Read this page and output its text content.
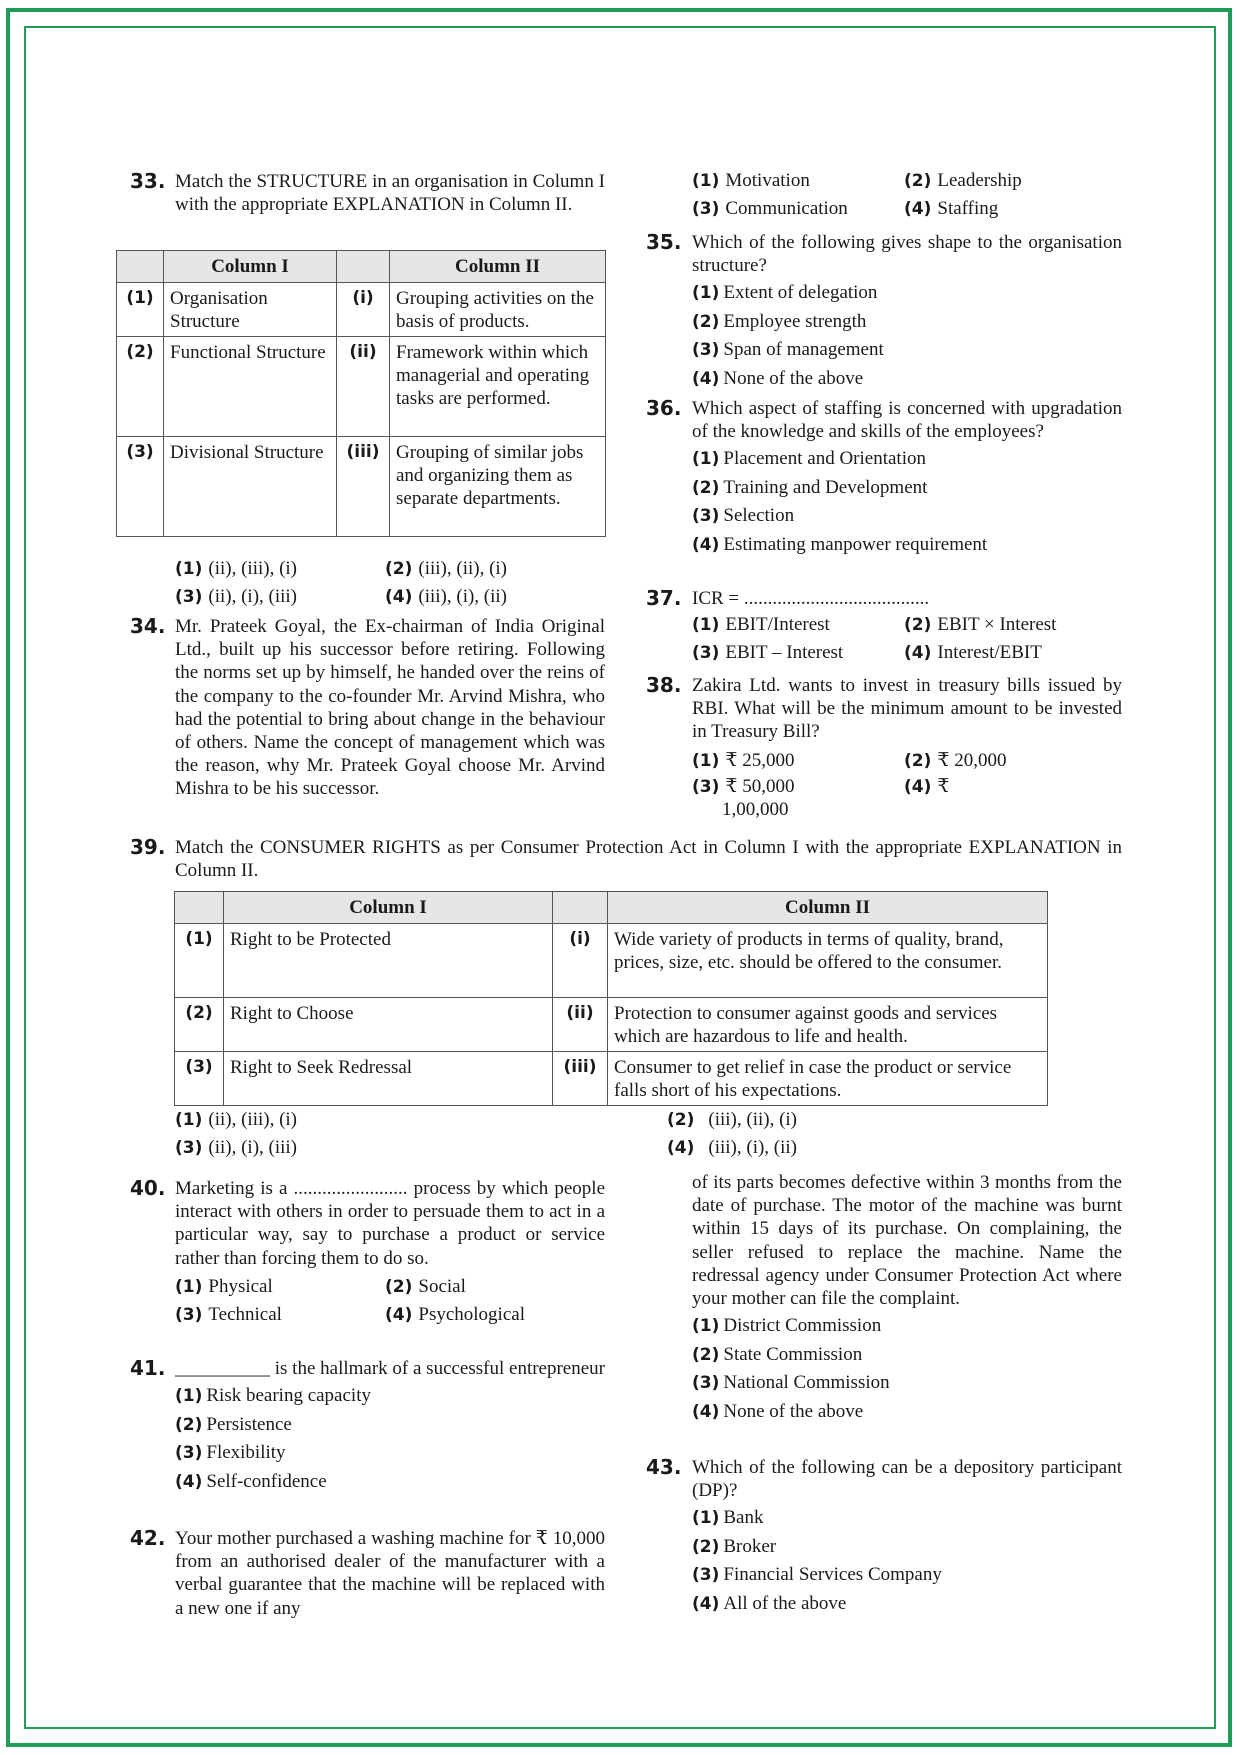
33. Match the STRUCTURE in an organisation in Column I with the appropriate EXPLANATION in Column II.
	Column I		Column II
(1)	Organisation Structure	(i)	Grouping activities on the basis of products.
(2)	Functional Structure	(ii)	Framework within which managerial and operating tasks are performed.
(3)	Divisional Structure	(iii)	Grouping of similar jobs and organizing them as separate departments.
(1) (ii), (iii), (i)	(2) (iii), (ii), (i)
(3) (ii), (i), (iii)	(4) (iii), (i), (ii)
34. Mr. Prateek Goyal, the Ex-chairman of India Original Ltd., built up his successor before retiring. Following the norms set up by himself, he handed over the reins of the company to the co-founder Mr. Arvind Mishra, who had the potential to bring about change in the behaviour of others. Name the concept of management which was the reason, why Mr. Prateek Goyal choose Mr. Arvind Mishra to be his successor.
(1) Motivation	(2) Leadership
(3) Communication	(4) Staffing
35. Which of the following gives shape to the organisation structure?
(1) Extent of delegation
(2) Employee strength
(3) Span of management
(4) None of the above
36. Which aspect of staffing is concerned with upgradation of the knowledge and skills of the employees?
(1) Placement and Orientation
(2) Training and Development
(3) Selection
(4) Estimating manpower requirement
37. ICR = .......................................
(1) EBIT/Interest	(2) EBIT × Interest
(3) EBIT – Interest	(4) Interest/EBIT
38. Zakira Ltd. wants to invest in treasury bills issued by RBI. What will be the minimum amount to be invested in Treasury Bill?
(1) ₹ 25,000	(2) ₹ 20,000
(3) ₹ 50,000	(4) ₹
1,00,000
39. Match the CONSUMER RIGHTS as per Consumer Protection Act in Column I with the appropriate EXPLANATION in Column II.
	Column I		Column II
(1)	Right to be Protected	(i)	Wide variety of products in terms of quality, brand, prices, size, etc. should be offered to the consumer.
(2)	Right to Choose	(ii)	Protection to consumer against goods and services which are hazardous to life and health.
(3)	Right to Seek Redressal	(iii)	Consumer to get relief in case the product or service falls short of his expectations.
(1) (ii), (iii), (i)	(2) (iii), (ii), (i)
(3) (ii), (i), (iii)	(4) (iii), (i), (ii)
40. Marketing is a ........................ process by which people interact with others in order to persuade them to act in a particular way, say to purchase a product or service rather than forcing them to do so.
(1) Physical	(2) Social
(3) Technical	(4) Psychological
41. __________ is the hallmark of a successful entrepreneur
(1) Risk bearing capacity
(2) Persistence
(3) Flexibility
(4) Self-confidence
42. Your mother purchased a washing machine for ₹ 10,000 from an authorised dealer of the manufacturer with a verbal guarantee that the machine will be replaced with a new one if any
of its parts becomes defective within 3 months from the date of purchase. The motor of the machine was burnt within 15 days of its purchase. On complaining, the seller refused to replace the machine. Name the redressal agency under Consumer Protection Act where your mother can file the complaint.
(1) District Commission
(2) State Commission
(3) National Commission
(4) None of the above
43. Which of the following can be a depository participant (DP)?
(1) Bank
(2) Broker
(3) Financial Services Company
(4) All of the above
